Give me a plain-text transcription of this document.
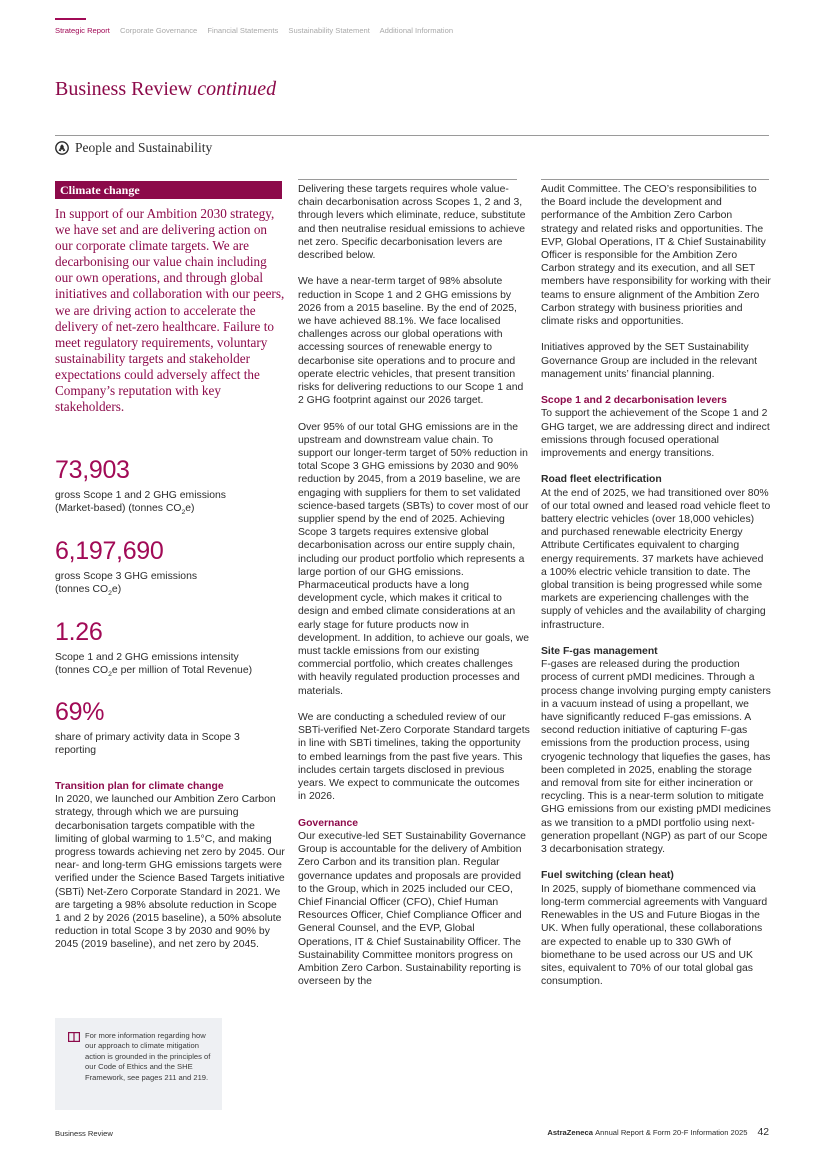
Strategic Report Corporate Governance Financial Statements Sustainability Statement Additional Information
Business Review continued
People and Sustainability
Climate change
In support of our Ambition 2030 strategy, we have set and are delivering action on our corporate climate targets. We are decarbonising our value chain including our own operations, and through global initiatives and collaboration with our peers, we are driving action to accelerate the delivery of net-zero healthcare. Failure to meet regulatory requirements, voluntary sustainability targets and stakeholder expectations could adversely affect the Company’s reputation with key stakeholders.
73,903
gross Scope 1 and 2 GHG emissions
(Market-based) (tonnes $CO_2e$)
6,197,690
gross Scope 3 GHG emissions
(tonnes $CO_2e$)
1.26
Scope 1 and 2 GHG emissions intensity
(tonnes $CO_2e$ per million of Total Revenue)
69%
share of primary activity data in Scope 3
reporting
Transition plan for climate change

In 2020, we launched our Ambition Zero Carbon strategy, through which we are pursuing decarbonisation targets compatible with the limiting of global warming to 1.5°C, and making progress towards achieving net zero by 2045. Our near- and long-term GHG emissions targets were verified under the Science Based Targets initiative (SBTi) Net-Zero Corporate Standard in 2021. We are targeting a 98% absolute reduction in Scope 1 and 2 by 2026 (2015 baseline), a 50% absolute reduction in total Scope 3 by 2030 and 90% by 2045 (2019 baseline), and net zero by 2045.

For more information regarding how our approach to climate mitigation action is grounded in the principles of our Code of Ethics and the SHE Framework, see pages 211 and 219.

Delivering these targets requires whole value-chain decarbonisation across Scopes 1, 2 and 3, through levers which eliminate, reduce, substitute and then neutralise residual emissions to achieve net zero. Specific decarbonisation levers are described below.

We have a near-term target of 98% absolute reduction in Scope 1 and 2 GHG emissions by 2026 from a 2015 baseline. By the end of 2025, we have achieved 88.1%. We face localised challenges across our global operations with accessing sources of renewable energy to decarbonise site operations and to procure and operate electric vehicles, that present transition risks for delivering reductions to our Scope 1 and 2 GHG footprint against our 2026 target.

Over 95% of our total GHG emissions are in the upstream and downstream value chain. To support our longer-term target of 50% reduction in total Scope 3 GHG emissions by 2030 and 90% reduction by 2045, from a 2019 baseline, we are engaging with suppliers for them to set validated science-based targets (SBTs) to cover most of our supplier spend by the end of 2025. Achieving Scope 3 targets requires extensive global decarbonisation across our entire supply chain, including our product portfolio which represents a large portion of our GHG emissions. Pharmaceutical products have a long development cycle, which makes it critical to design and embed climate considerations at an early stage for future products now in development. In addition, to achieve our goals, we must tackle emissions from our existing commercial portfolio, which creates challenges with heavily regulated production processes and materials.

We are conducting a scheduled review of our SBTi-verified Net-Zero Corporate Standard targets in line with SBTi timelines, taking the opportunity to embed learnings from the past five years. This includes certain targets disclosed in previous years. We expect to communicate the outcomes in 2026.

Governance

Our executive-led SET Sustainability Governance Group is accountable for the delivery of Ambition Zero Carbon and its transition plan. Regular governance updates and proposals are provided to the Group, which in 2025 included our CEO, Chief Financial Officer (CFO), Chief Human Resources Officer, Chief Compliance Officer and General Counsel, and the EVP, Global Operations, IT & Chief Sustainability Officer. The Sustainability Committee monitors progress on Ambition Zero Carbon. Sustainability reporting is overseen by the

Audit Committee. The CEO’s responsibilities to the Board include the development and performance of the Ambition Zero Carbon strategy and related risks and opportunities. The EVP, Global Operations, IT & Chief Sustainability Officer is responsible for the Ambition Zero Carbon strategy and its execution, and all SET members have responsibility for working with their teams to ensure alignment of the Ambition Zero Carbon strategy with business priorities and climate risks and opportunities.

Initiatives approved by the SET Sustainability Governance Group are included in the relevant management units’ financial planning.

Scope 1 and 2 decarbonisation levers

To support the achievement of the Scope 1 and 2 GHG target, we are addressing direct and indirect emissions through focused operational improvements and energy transitions.

Road fleet electrification

At the end of 2025, we had transitioned over 80% of our total owned and leased road vehicle fleet to battery electric vehicles (over 18,000 vehicles) and purchased renewable electricity Energy Attribute Certificates equivalent to charging energy requirements. 37 markets have achieved a 100% electric vehicle transition to date. The global transition is being progressed while some markets are experiencing challenges with the supply of vehicles and the availability of charging infrastructure.

Site F-gas management

F-gases are released during the production process of current pMDI medicines. Through a process change involving purging empty canisters in a vacuum instead of using a propellant, we have significantly reduced F-gas emissions. A second reduction initiative of capturing F-gas emissions from the production process, using cryogenic technology that liquefies the gases, has been completed in 2025, enabling the storage and removal from site for either incineration or recycling. This is a near-term solution to mitigate GHG emissions from our existing pMDI medicines as we transition to a pMDI portfolio using next-generation propellant (NGP) as part of our Scope 3 decarbonisation strategy.

Fuel switching (clean heat)

In 2025, supply of biomethane commenced via long-term commercial agreements with Vanguard Renewables in the US and Future Biogas in the UK. When fully operational, these collaborations are expected to enable up to 330 GWh of biomethane to be used across our US and UK sites, equivalent to 70% of our total global gas consumption.

Business Review	AstraZeneca
Annual Report & Form 20-F Information 2025 42
